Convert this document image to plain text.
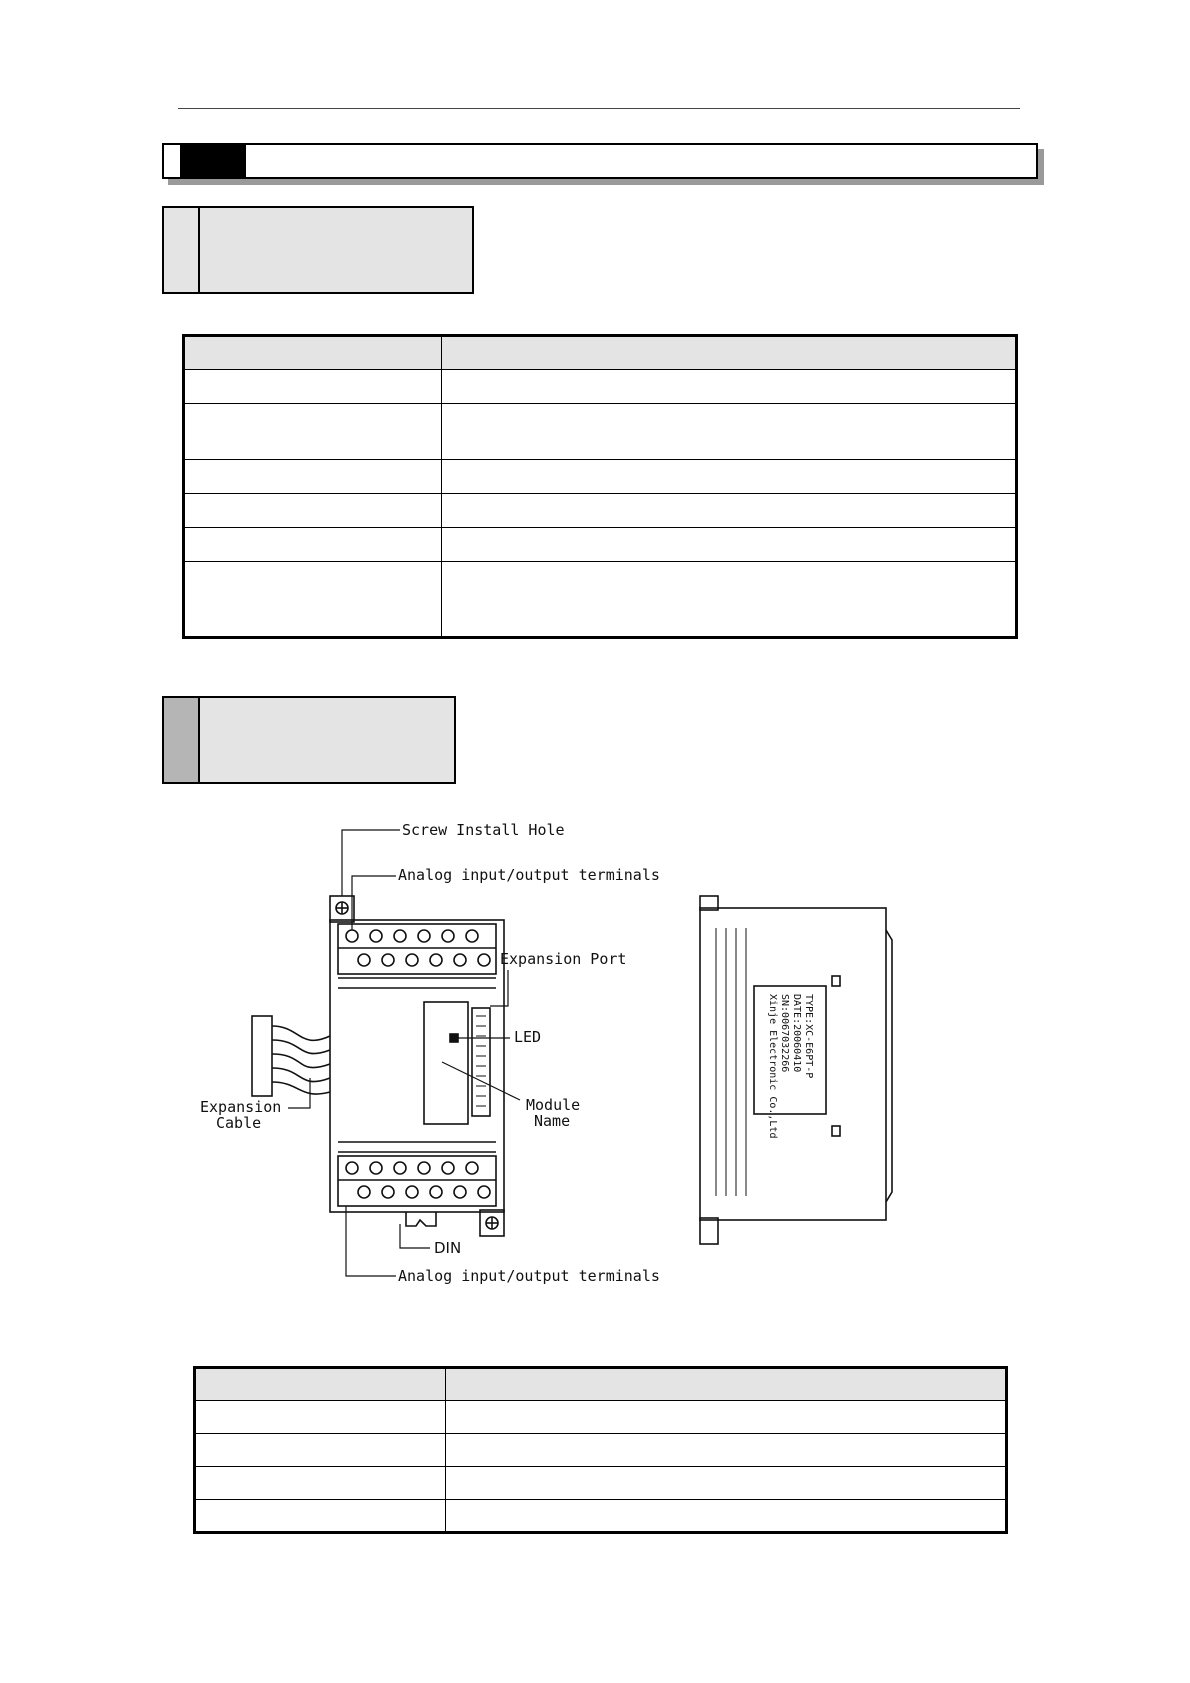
Screw Install Hole
Analog input/output terminals
Expansion Port
LED
Module
Name
Expansion
Cable
DIN
Analog input/output terminals
TYPE:XC-E6PT-P
DATE:20060410
SN:0067032266
Xinje Electronic Co.,Ltd
